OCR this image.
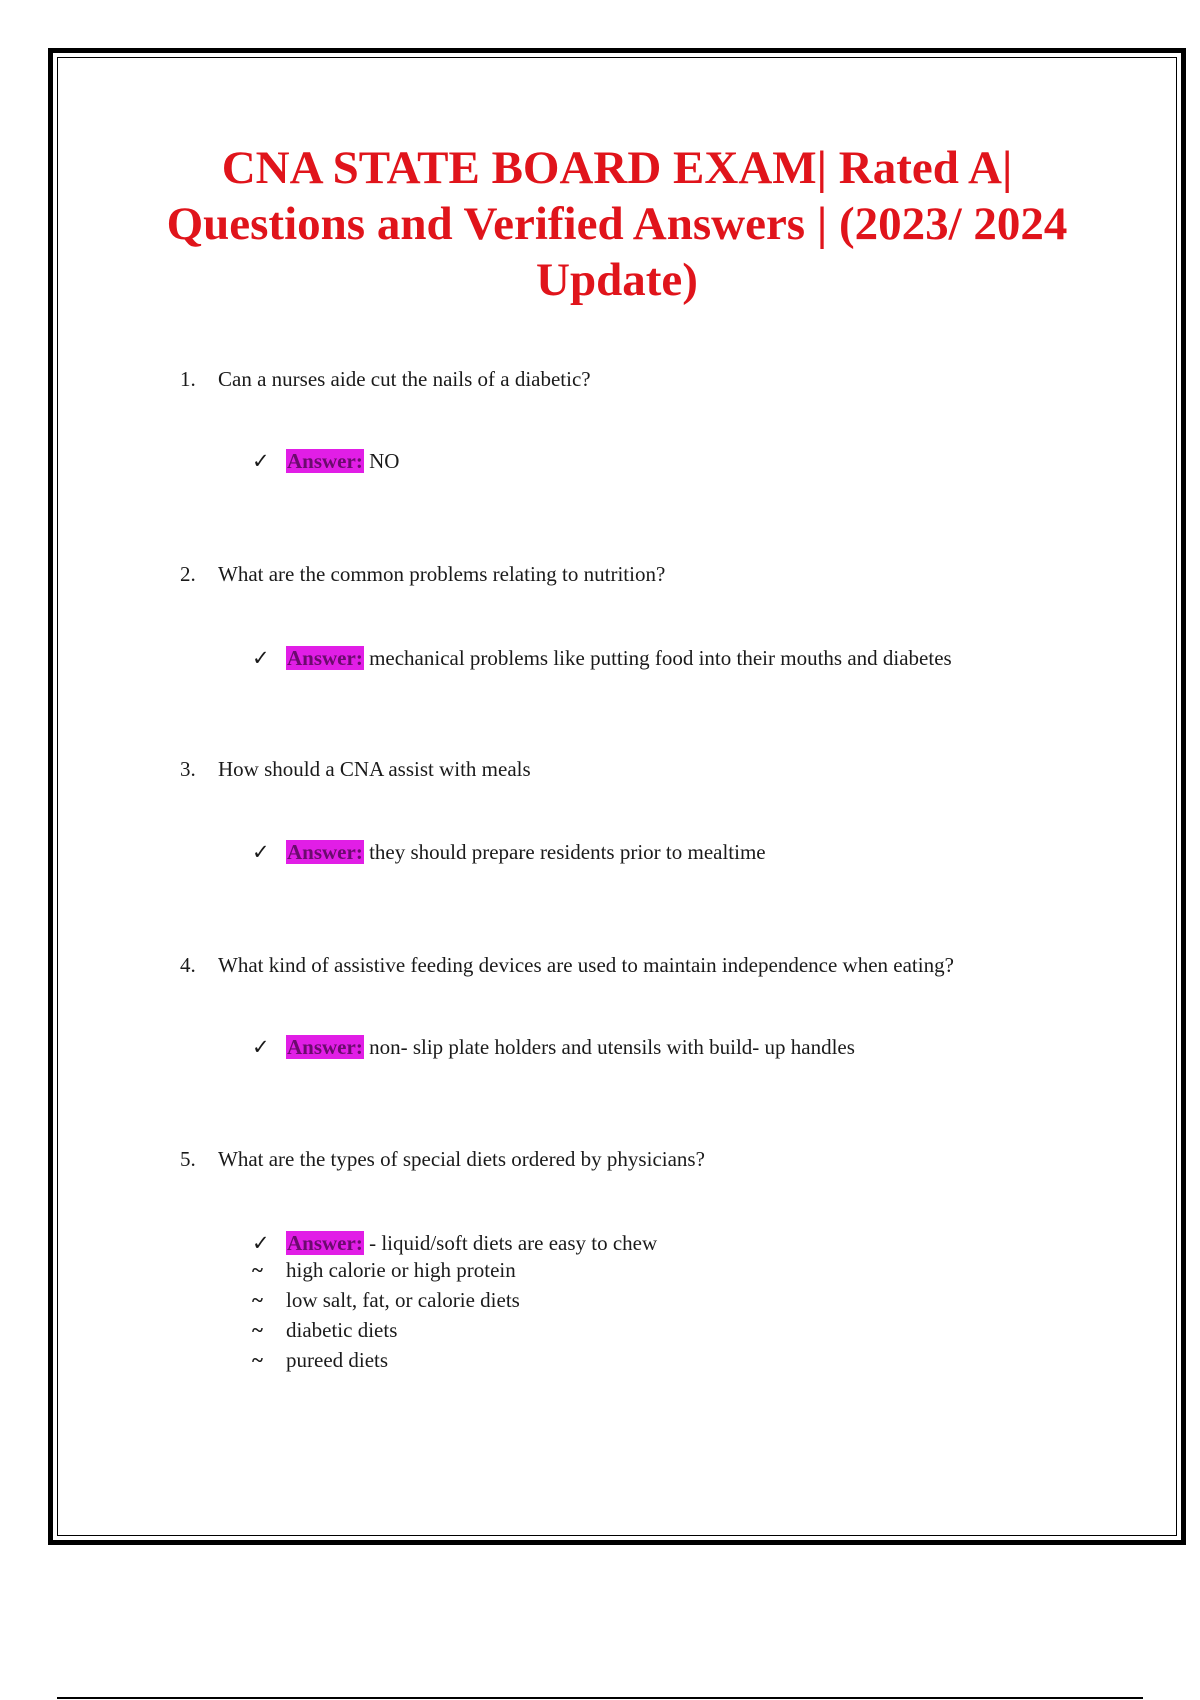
CNA STATE BOARD EXAM| Rated A|
Questions and Verified Answers | (2023/ 2024
Update)
1. Can a nurses aide cut the nails of a diabetic?
✓ Answer: NO
2. What are the common problems relating to nutrition?
✓ Answer: mechanical problems like putting food into their mouths and diabetes
3. How should a CNA assist with meals
✓ Answer: they should prepare residents prior to mealtime
4. What kind of assistive feeding devices are used to maintain independence when eating?
✓ Answer: non- slip plate holders and utensils with build- up handles
5. What are the types of special diets ordered by physicians?
✓ Answer: - liquid/soft diets are easy to chew
~ high calorie or high protein
~ low salt, fat, or calorie diets
~ diabetic diets
~ pureed diets
